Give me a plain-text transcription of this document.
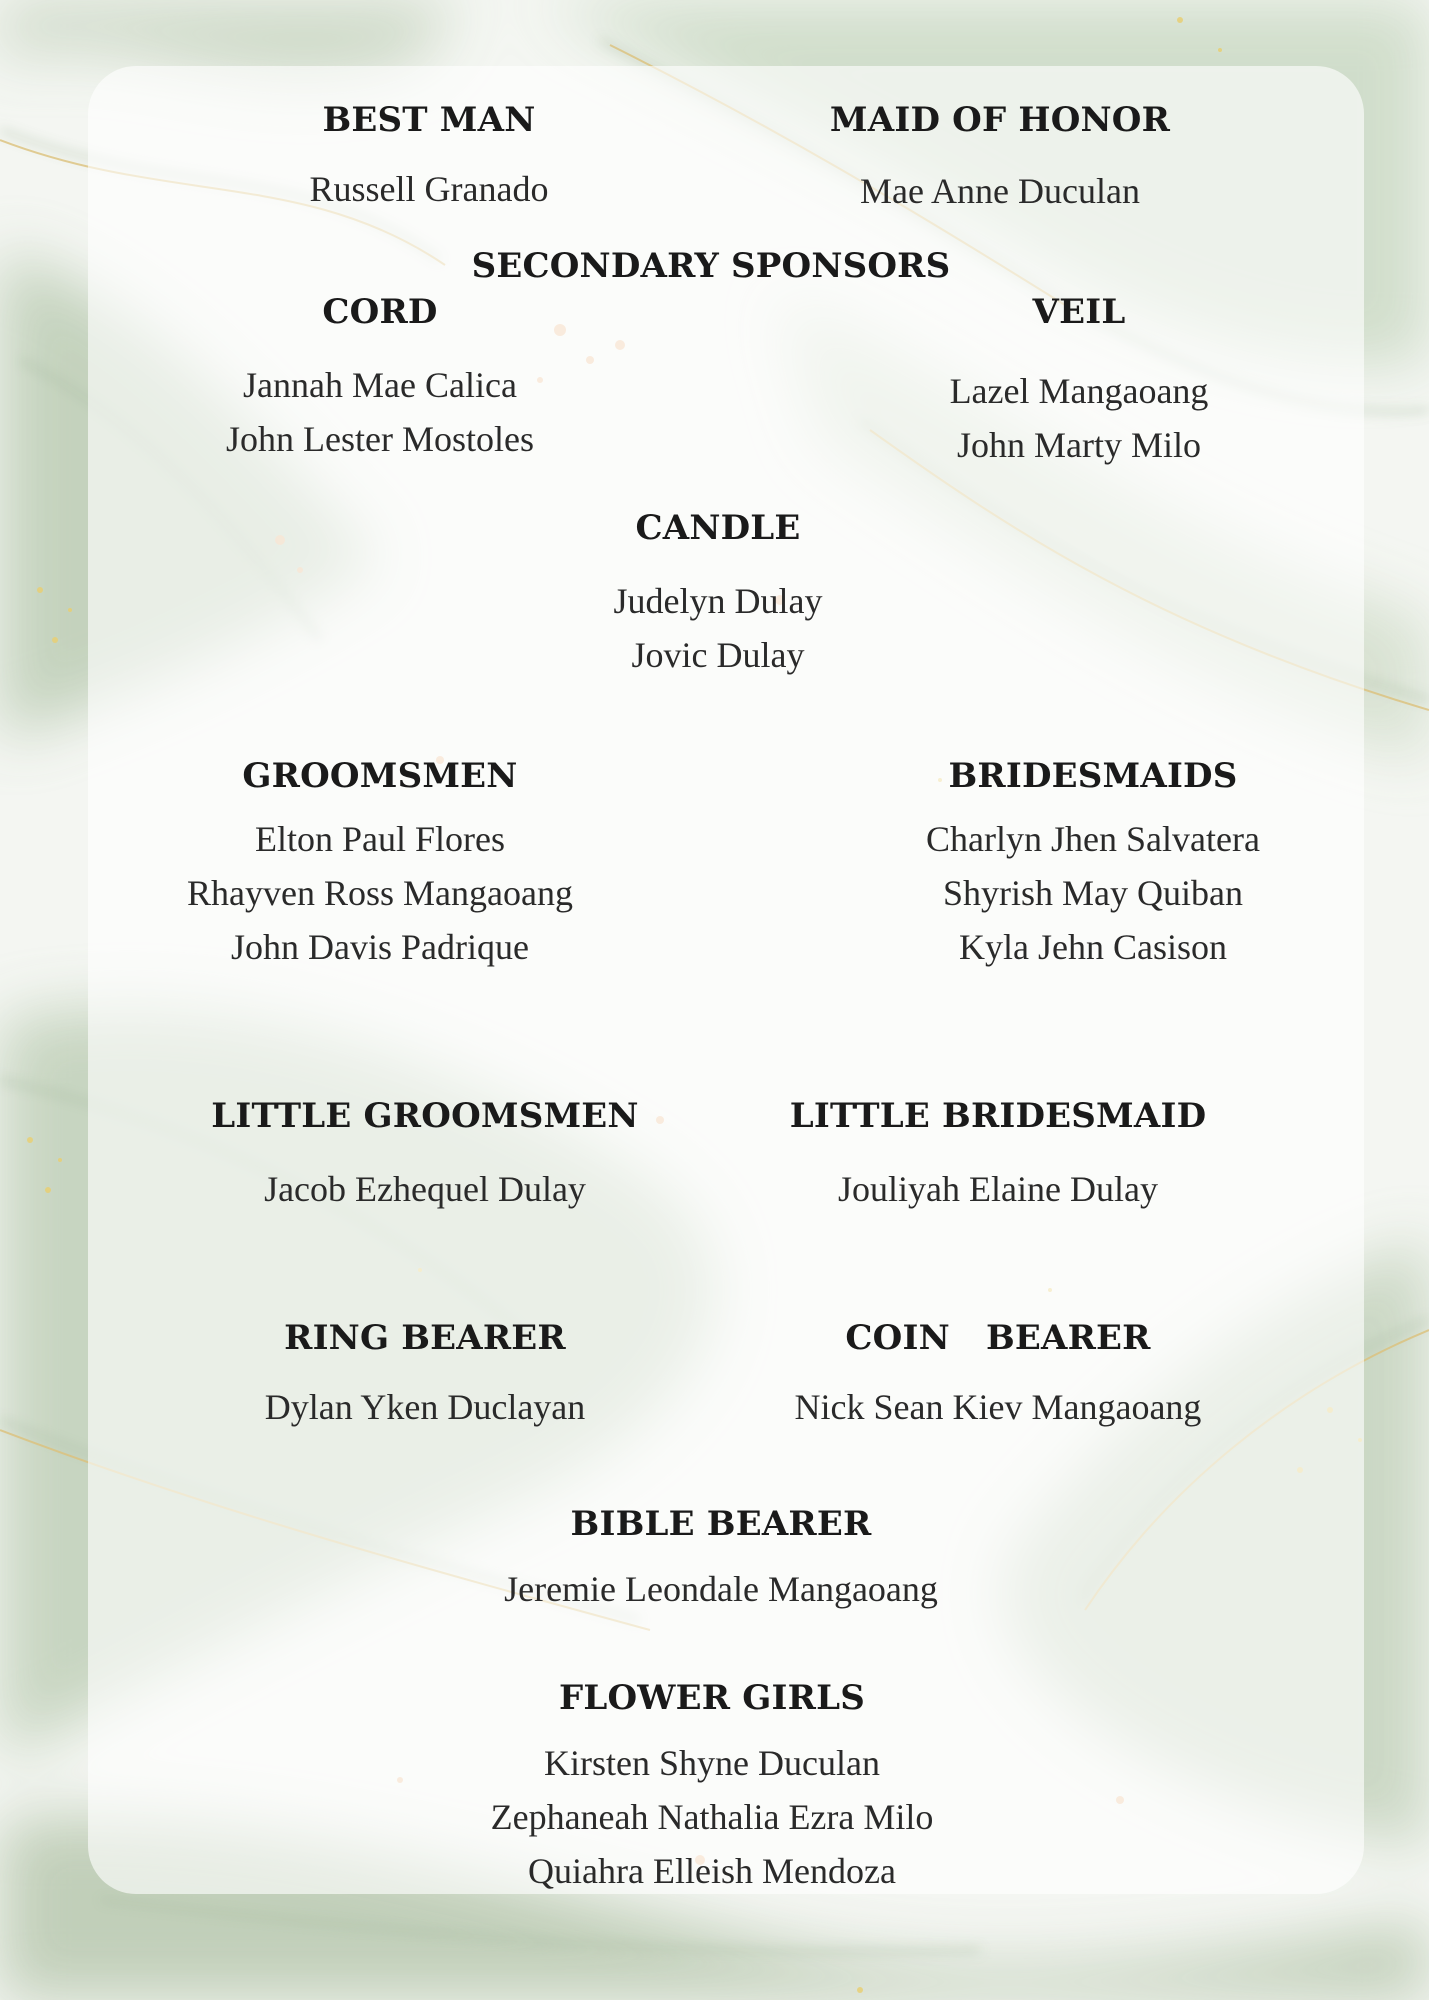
BEST MAN
Russell Granado
MAID OF HONOR
Mae Anne Duculan
SECONDARY SPONSORS
CORD
Jannah Mae Calica
John Lester Mostoles
VEIL
Lazel Mangaoang
John Marty Milo
CANDLE
Judelyn Dulay
Jovic Dulay
GROOMSMEN
Elton Paul Flores
Rhayven Ross Mangaoang
John Davis Padrique
BRIDESMAIDS
Charlyn Jhen Salvatera
Shyrish May Quiban
Kyla Jehn Casison
LITTLE GROOMSMEN
Jacob Ezhequel Dulay
LITTLE BRIDESMAID
Jouliyah Elaine Dulay
RING BEARER
Dylan Yken Duclayan
COIN   BEARER
Nick Sean Kiev Mangaoang
BIBLE BEARER
Jeremie Leondale Mangaoang
FLOWER GIRLS
Kirsten Shyne Duculan
Zephaneah Nathalia Ezra Milo
Quiahra Elleish Mendoza
